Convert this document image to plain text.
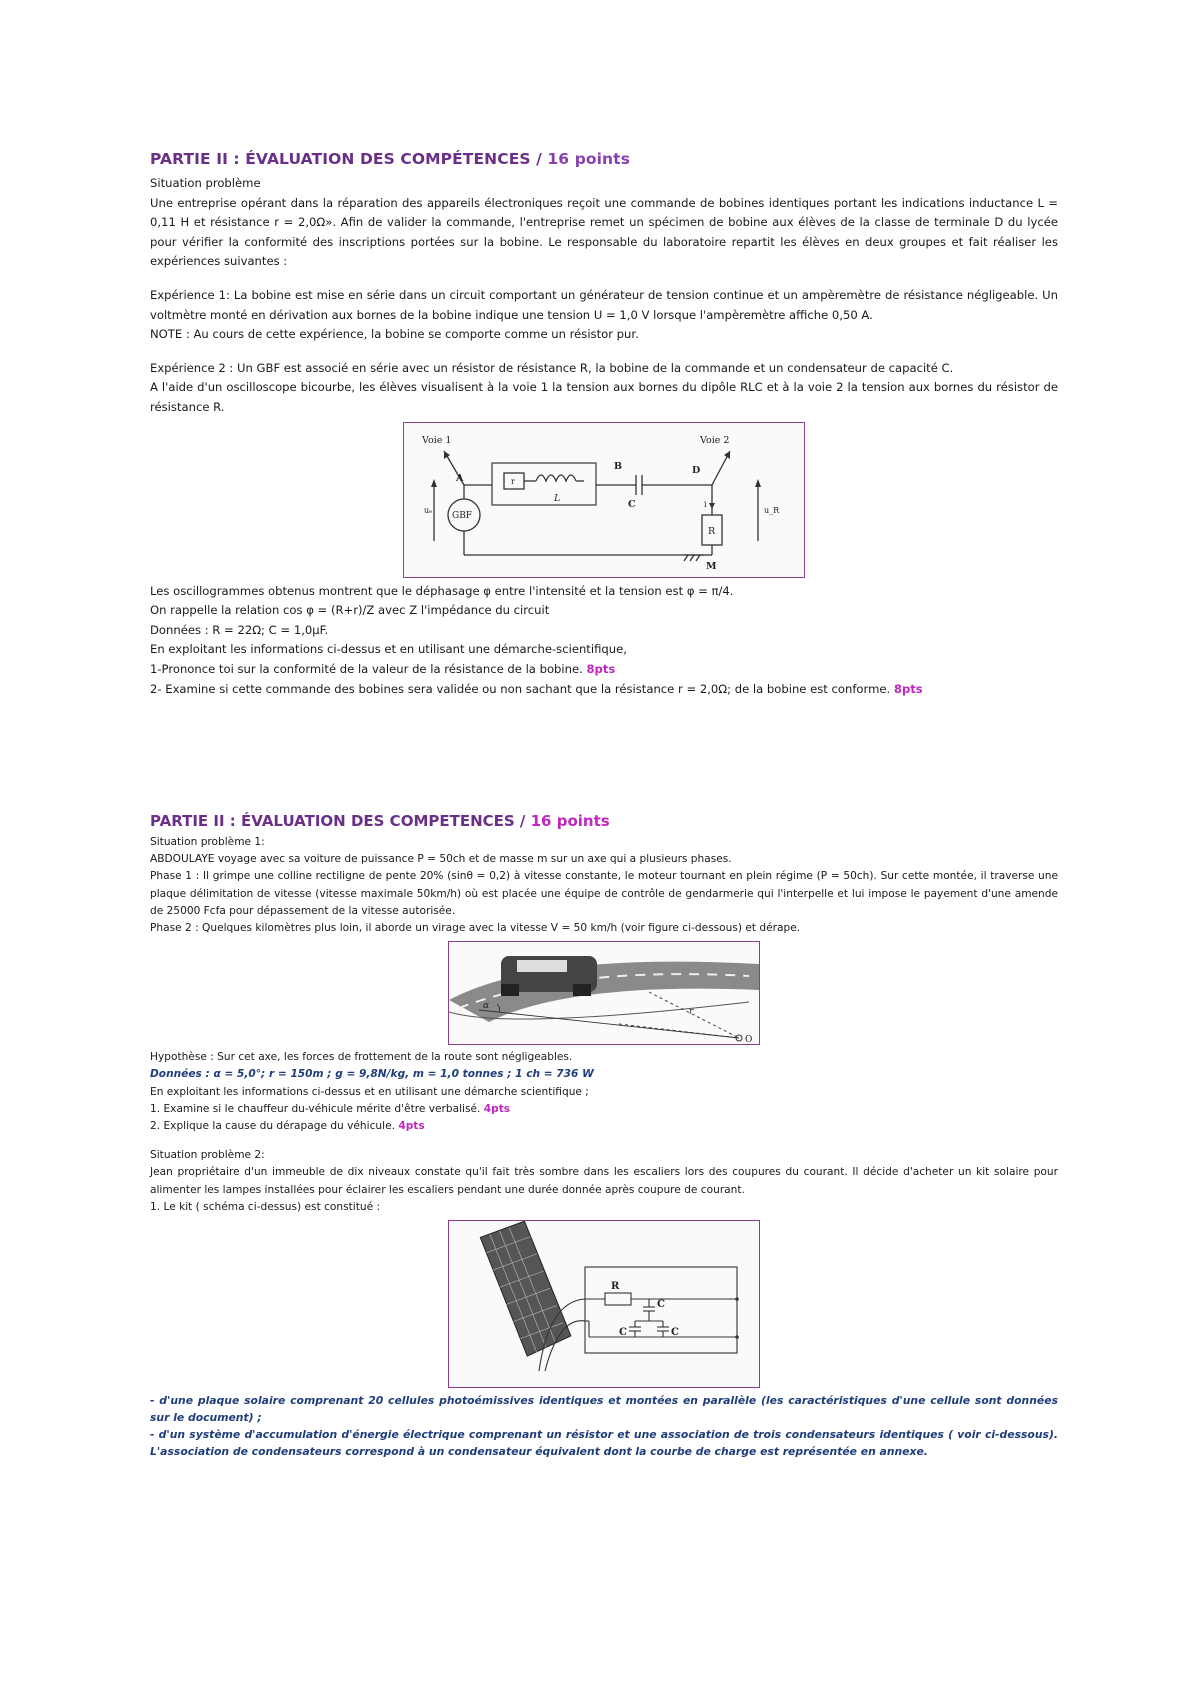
PARTIE II : ÉVALUATION DES COMPÉTENCES / 16 points

Situation problème

Une entreprise opérant dans la réparation des appareils électroniques reçoit une commande de bobines identiques portant les indications inductance L = 0,11 H et résistance r = 2,0Ω». Afin de valider la commande, l'entreprise remet un spécimen de bobine aux élèves de la classe de terminale D du lycée pour vérifier la conformité des inscriptions portées sur la bobine. Le responsable du laboratoire repartit les élèves en deux groupes et fait réaliser les expériences suivantes :

Expérience 1: La bobine est mise en série dans un circuit comportant un générateur de tension continue et un ampèremètre de résistance négligeable. Un voltmètre monté en dérivation aux bornes de la bobine indique une tension U = 1,0 V lorsque l'ampèremètre affiche 0,50 A.

NOTE : Au cours de cette expérience, la bobine se comporte comme un résistor pur.

Expérience 2 : Un GBF est associé en série avec un résistor de résistance R, la bobine de la commande et un condensateur de capacité C.

A l'aide d'un oscilloscope bicourbe, les élèves visualisent à la voie 1 la tension aux bornes du dipôle RLC et à la voie 2 la tension aux bornes du résistor de résistance R.

Voie 1	Voie 2
A
B
C
D
M
r
L
R
i
GBF
uₑ	u_R

Les oscillogrammes obtenus montrent que le déphasage φ entre l'intensité et la tension est φ = π/4.

On rappelle la relation cos φ = (R+r)/Z avec Z l'impédance du circuit

Données : R = 22Ω; C = 1,0µF.

En exploitant les informations ci-dessus et en utilisant une démarche-scientifique,

1-Prononce toi sur la conformité de la valeur de la résistance de la bobine. 8pts

2- Examine si cette commande des bobines sera validée ou non sachant que la résistance r = 2,0Ω; de la bobine est conforme. 8pts

PARTIE II : ÉVALUATION DES COMPETENCES / 16 points

Situation problème 1:

ABDOULAYE voyage avec sa voiture de puissance P = 50ch et de masse m sur un axe qui a plusieurs phases.

Phase 1 : Il grimpe une colline rectiligne de pente 20% (sinθ = 0,2) à vitesse constante, le moteur tournant en plein régime (P = 50ch). Sur cette montée, il traverse une plaque délimitation de vitesse (vitesse maximale 50km/h) où est placée une équipe de contrôle de gendarmerie qui l'interpelle et lui impose le payement d'une amende de 25000 Fcfa pour dépassement de la vitesse autorisée.

Phase 2 : Quelques kilomètres plus loin, il aborde un virage avec la vitesse V = 50 km/h (voir figure ci-dessous) et dérape.

α
r
O

Hypothèse : Sur cet axe, les forces de frottement de la route sont négligeables.

Données : α = 5,0°; r = 150m ; g = 9,8N/kg, m = 1,0 tonnes ; 1 ch = 736 W

En exploitant les informations ci-dessus et en utilisant une démarche scientifique ;

1. Examine si le chauffeur du-véhicule mérite d'être verbalisé. 4pts

2. Explique la cause du dérapage du véhicule. 4pts

Situation problème 2:

Jean propriétaire d'un immeuble de dix niveaux constate qu'il fait très sombre dans les escaliers lors des coupures du courant. Il décide d'acheter un kit solaire pour alimenter les lampes installées pour éclairer les escaliers pendant une durée donnée après coupure de courant.

1. Le kit ( schéma ci-dessus) est constitué :

R
C
C	C

- d'une plaque solaire comprenant 20 cellules photoémissives identiques et montées en parallèle (les caractéristiques d'une cellule sont données sur le document) ;

- d'un système d'accumulation d'énergie électrique comprenant un résistor et une association de trois condensateurs identiques ( voir ci-dessous). L'association de condensateurs correspond à un condensateur équivalent dont la courbe de charge est représentée en annexe.
